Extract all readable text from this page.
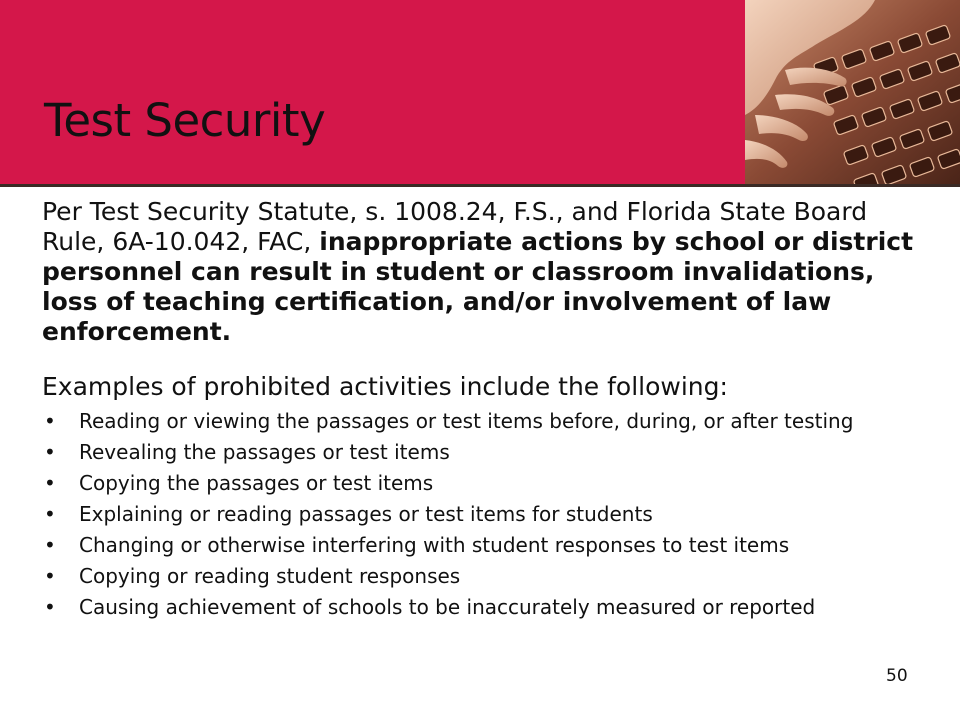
Test Security
Per Test Security Statute, s. 1008.24, F.S., and Florida State Board Rule, 6A-10.042, FAC, inappropriate actions by school or district personnel can result in student or classroom invalidations, loss of teaching certification, and/or involvement of law enforcement.
Examples of prohibited activities include the following:
• Reading or viewing the passages or test items before, during, or after testing
• Revealing the passages or test items
• Copying the passages or test items
• Explaining or reading passages or test items for students
• Changing or otherwise interfering with student responses to test items
• Copying or reading student responses
• Causing achievement of schools to be inaccurately measured or reported
50
